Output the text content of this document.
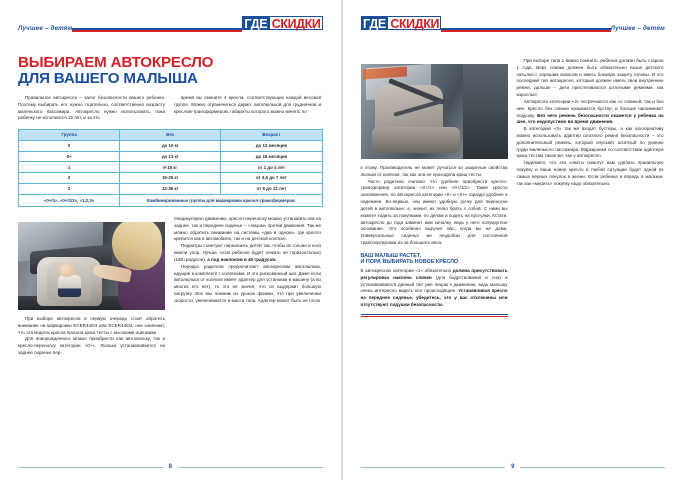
Лучшее – детям	ГДЕ СКИДКИ
ВЫБИРАЕМ АВТОКРЕСЛО
ДЛЯ ВАШЕГО МАЛЫША

Правильное автокресло – залог безопасности вашего ребенка. Поэтому выбирать его нужно тщательно, соответственно возрасту маленького пассажира. Автокресло нужно использовать, пока ребенку не исполнится 12 лет, и за это

время вы смените 4 кресла, соответствующих каждой весовой группе. Можно ограничиться двумя: автолюлькой для грудничков и креслом-трансформером, габариты которого можно менять по

Группа	Вес	Возраст
0	до 10 кг	до 12 месяцев
0+	до 13 кг	до 18 месяцев
1	9-18 кг	от 1 до 4 лет
2	15-25 кг	от 3,5 до 7 лет
3	22-36 кг	от 6 до 12 лет
«0+/1», «0+/1/2», «1,2,3»	Комбинированные группы для маркировки кресел-трансформеров	

При выборе автокресла в первую очередь стоит обратить внимание на маркировки ECER44/03 или ECER44/04, они означают, что эта модель кресла прошла краш-тесты с высокими оценками.

Для новорожденного можно приобрести как автолюльку, так и кресло-переноску категории «0+». Люлька устанавливается на заднее сиденье пер-

пендикулярно движению, кресло-переноску можно установить как на заднее, так и переднее сиденье – «лицом» против движения. Так же можно обратить внимание на системы «два в одном», где кресло крепится как в автомобиле, так и на детской коляске.

Педиатры советуют перевозить детей так, чтобы их голова и нога имели упор. Лучше, если ребенок будет лежать не горизонтально (180 градусов), а под наклоном в 45 градусов.

Нередко родители предпочитают автокреслам автолюльки, идущие в комплекте с колясками. И это рискованный шаг. Даже если автолюлька от коляски имеет адаптер для установки в машину (а во многих его нет), то это не значит, что он выдержит большую нагрузку. Все мы помним из уроков физики, что при увеличении скорости, увеличивается и масса тела. Адаптер может быть не готов

8
ГДЕ СКИДКИ	Лучшее – детям

к этому. Производитель не может ручаться за защитные свойства люльки от коляски, так как она не проходила краш-тесты.

Часто родители считают, что удобнее приобрести кресло-трансформер категории «0+/1» или «0+/1/2». Такие кресло экономичнее, но автокресла категории «0» и «0+» гораздо удобнее и надежнее. Во-первых, они имеют удобную ручку для переноски детей в автолюльке, а, значит, их легко брать с собой. С ними вы можете ходить за покупками, по делам и ходить на прогулки. Кстати, автокресло до года заменит вам качалку, ведь у него полукруглое основание. Это особенно выручит вас, когда вы не дома. Универсальные сиденья же неудобны для постоянной транспортировки из-за большого веса.

ВАШ МАЛЫШ РАСТЕТ,
И ПОРА ВЫБИРАТЬ НОВОЕ КРЕСЛО

В автокреслах категории «1» обязательно должна присутствовать регулировка наклона спинки (для бодрствования и сна) и устанавливается данный тип уже лицом к движению, ведь малышу очень интересно видеть все происходящее. Устанавливая кресло на переднее сиденье, убедитесь, что у вас отключены или отсутствуют подушки безопасности.

При выборе типа 1 важно помнить, ребенок должен быть старше 1 года. Верх спинки должен быть обязательно выше детского затылка с хорошим запасом и иметь боковую защиту головы. И это последний тип автокресел, который должен иметь свои внутренние ремни, дальше – дети пристегиваются штатными ремнями, как взрослые.

Автокресла категории «2» встречаются как со спинкой, так и без нее. Кресло без спинки называется бустер, и больше напоминает подушку. Без него ремень безопасности окажется у ребенка на шее, что недопустимо во время движения.

В категорию «3» так же входят бустеры, а как альтернативу можно использовать адаптер штатного ремня безопасности – это дополнительный ремень, который опускает штатный по уровню груди маленького пассажира. Маркировка со соответствии адаптера краш-тестам такая же, как у автокресел.

Надеемся, что эти советы помогут вам сделать правильную покупку и ваше новое кресло в любой ситуации будет одной из самых верных покупок в жизни. Если ребенка и впредь в магазин, так как «мерить» покупку надо обязательно.

9
